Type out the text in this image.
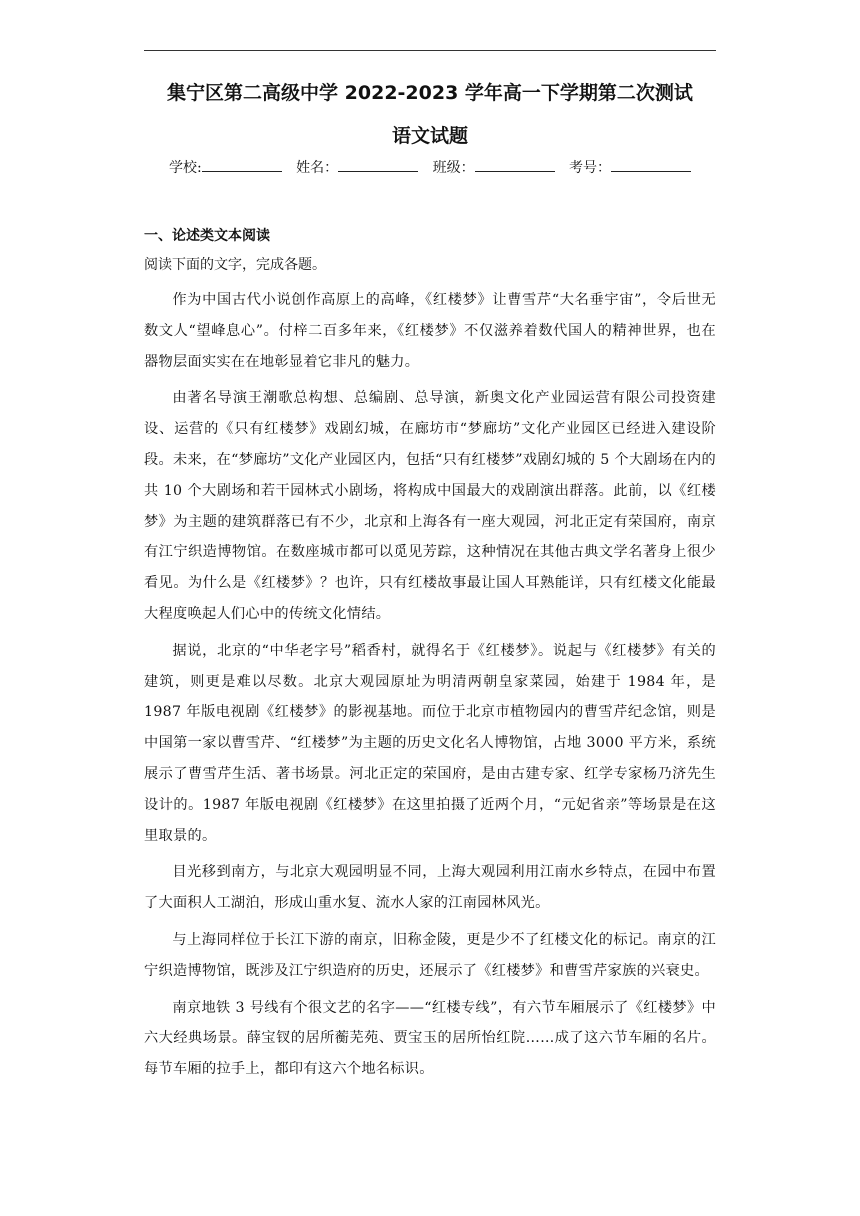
集宁区第二高级中学 2022-2023 学年高一下学期第二次测试
语文试题
学校:	姓名：	班级：	考号：
一、论述类文本阅读
阅读下面的文字，完成各题。

作为中国古代小说创作高原上的高峰，《红楼梦》让曹雪芹“大名垂宇宙”，令后世无数文人“望峰息心”。付梓二百多年来，《红楼梦》不仅滋养着数代国人的精神世界，也在器物层面实实在在地彰显着它非凡的魅力。

由著名导演王潮歌总构想、总编剧、总导演，新奥文化产业园运营有限公司投资建设、运营的《只有红楼梦》戏剧幻城，在廊坊市“梦廊坊”文化产业园区已经进入建设阶段。未来，在“梦廊坊”文化产业园区内，包括“只有红楼梦”戏剧幻城的 5 个大剧场在内的共 10 个大剧场和若干园林式小剧场，将构成中国最大的戏剧演出群落。此前，以《红楼梦》为主题的建筑群落已有不少，北京和上海各有一座大观园，河北正定有荣国府，南京有江宁织造博物馆。在数座城市都可以觅见芳踪，这种情况在其他古典文学名著身上很少看见。为什么是《红楼梦》？也许，只有红楼故事最让国人耳熟能详，只有红楼文化能最大程度唤起人们心中的传统文化情结。

据说，北京的“中华老字号”稻香村，就得名于《红楼梦》。说起与《红楼梦》有关的建筑，则更是难以尽数。北京大观园原址为明清两朝皇家菜园，始建于 1984 年，是 1987 年版电视剧《红楼梦》的影视基地。而位于北京市植物园内的曹雪芹纪念馆，则是中国第一家以曹雪芹、“红楼梦”为主题的历史文化名人博物馆，占地 3000 平方米，系统展示了曹雪芹生活、著书场景。河北正定的荣国府，是由古建专家、红学专家杨乃济先生设计的。1987 年版电视剧《红楼梦》在这里拍摄了近两个月，“元妃省亲”等场景是在这里取景的。

目光移到南方，与北京大观园明显不同，上海大观园利用江南水乡特点，在园中布置了大面积人工湖泊，形成山重水复、流水人家的江南园林风光。

与上海同样位于长江下游的南京，旧称金陵，更是少不了红楼文化的标记。南京的江宁织造博物馆，既涉及江宁织造府的历史，还展示了《红楼梦》和曹雪芹家族的兴衰史。

南京地铁 3 号线有个很文艺的名字——“红楼专线”，有六节车厢展示了《红楼梦》中六大经典场景。薛宝钗的居所蘅芜苑、贾宝玉的居所怡红院……成了这六节车厢的名片。每节车厢的拉手上，都印有这六个地名标识。
